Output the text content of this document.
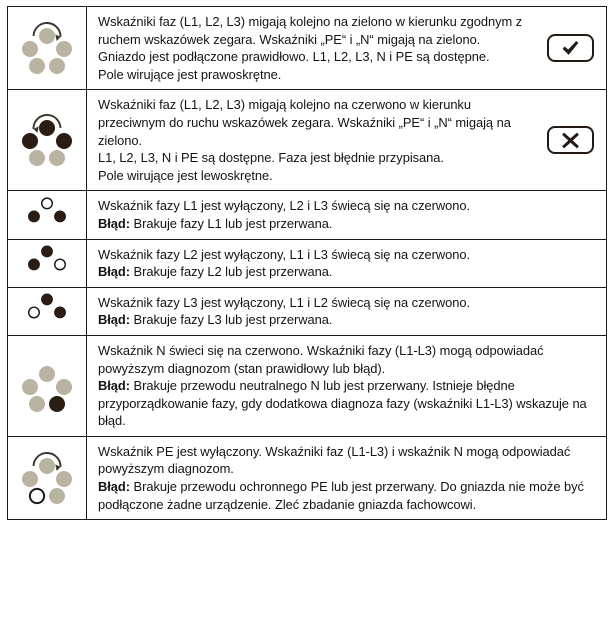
Wskaźniki faz (L1, L2, L3) migają kolejno na zielono w kierunku zgodnym z ruchem wskazówek zegara. Wskaźniki „PE“ i „N“ migają na zielono.

Gniazdo jest podłączone prawidłowo. L1, L2, L3, N i PE są dostępne.

Pole wirujące jest prawoskrętne.

Wskaźniki faz (L1, L2, L3) migają kolejno na czerwono w kierunku przeciwnym do ruchu wskazówek zegara. Wskaźniki „PE“ i „N“ migają na zielono.

L1, L2, L3, N i PE są dostępne. Faza jest błędnie przypisana.

Pole wirujące jest lewoskrętne.

Wskaźnik fazy L1 jest wyłączony, L2 i L3 świecą się na czerwono.

Błąd: Brakuje fazy L1 lub jest przerwana.

Wskaźnik fazy L2 jest wyłączony, L1 i L3 świecą się na czerwono.

Błąd: Brakuje fazy L2 lub jest przerwana.

Wskaźnik fazy L3 jest wyłączony, L1 i L2 świecą się na czerwono.

Błąd: Brakuje fazy L3 lub jest przerwana.

Wskaźnik N świeci się na czerwono. Wskaźniki fazy (L1-L3) mogą odpowiadać powyższym diagnozom (stan prawidłowy lub błąd).

Błąd: Brakuje przewodu neutralnego N lub jest przerwany. Istnieje błędne przyporządkowanie fazy, gdy dodatkowa diagnoza fazy (wskaźniki L1-L3) wskazuje na błąd.

Wskaźnik PE jest wyłączony. Wskaźniki faz (L1-L3) i wskaźnik N mogą odpowiadać powyższym diagnozom.

Błąd: Brakuje przewodu ochronnego PE lub jest przerwany. Do gniazda nie może być podłączone żadne urządzenie. Zleć zbadanie gniazda fachowcowi.
